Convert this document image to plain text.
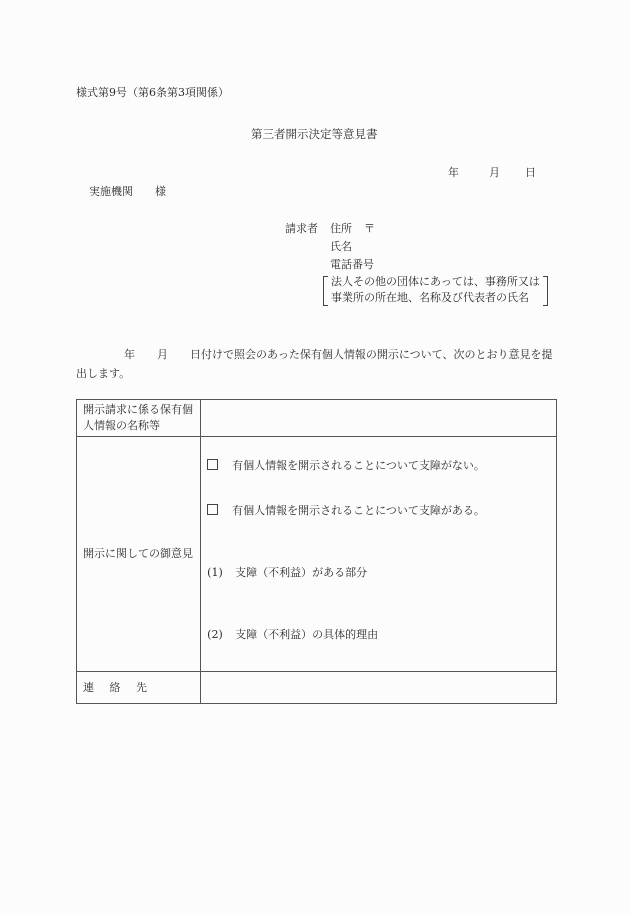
様式第9号（第6条第3項関係）
第三者開示決定等意見書
年	月 日
実施機関 様
請求者 住所 〒
氏名
電話番号
法人その他の団体にあっては、事務所又は
事業所の所在地、名称及び代表者の氏名
年 月 日付けで照会のあった保有個人情報の開示について、次のとおり意見を提出します。
開示請求に係る保有個人情報の名称等	
開示に関しての御意見	有個人情報を開示されることについて支障がない。
有個人情報を開示されることについて支障がある。
(1) 支障（不利益）がある部分
(2) 支障（不利益）の具体的理由

連 絡 先	
